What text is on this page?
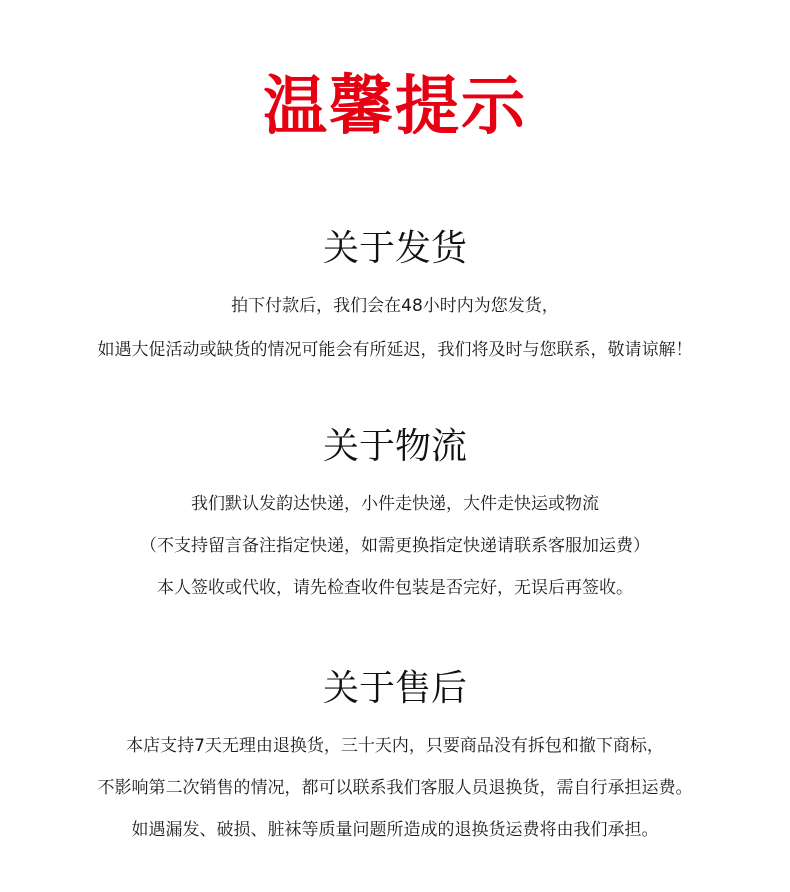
温馨提示
关于发货
拍下付款后，我们会在48小时内为您发货，
如遇大促活动或缺货的情况可能会有所延迟，我们将及时与您联系，敬请谅解！
关于物流
我们默认发韵达快递，小件走快递，大件走快运或物流
（不支持留言备注指定快递，如需更换指定快递请联系客服加运费）
本人签收或代收，请先检查收件包装是否完好，无误后再签收。
关于售后
本店支持7天无理由退换货，三十天内，只要商品没有拆包和撤下商标，
不影响第二次销售的情况，都可以联系我们客服人员退换货，需自行承担运费。
如遇漏发、破损、脏袜等质量问题所造成的退换货运费将由我们承担。
